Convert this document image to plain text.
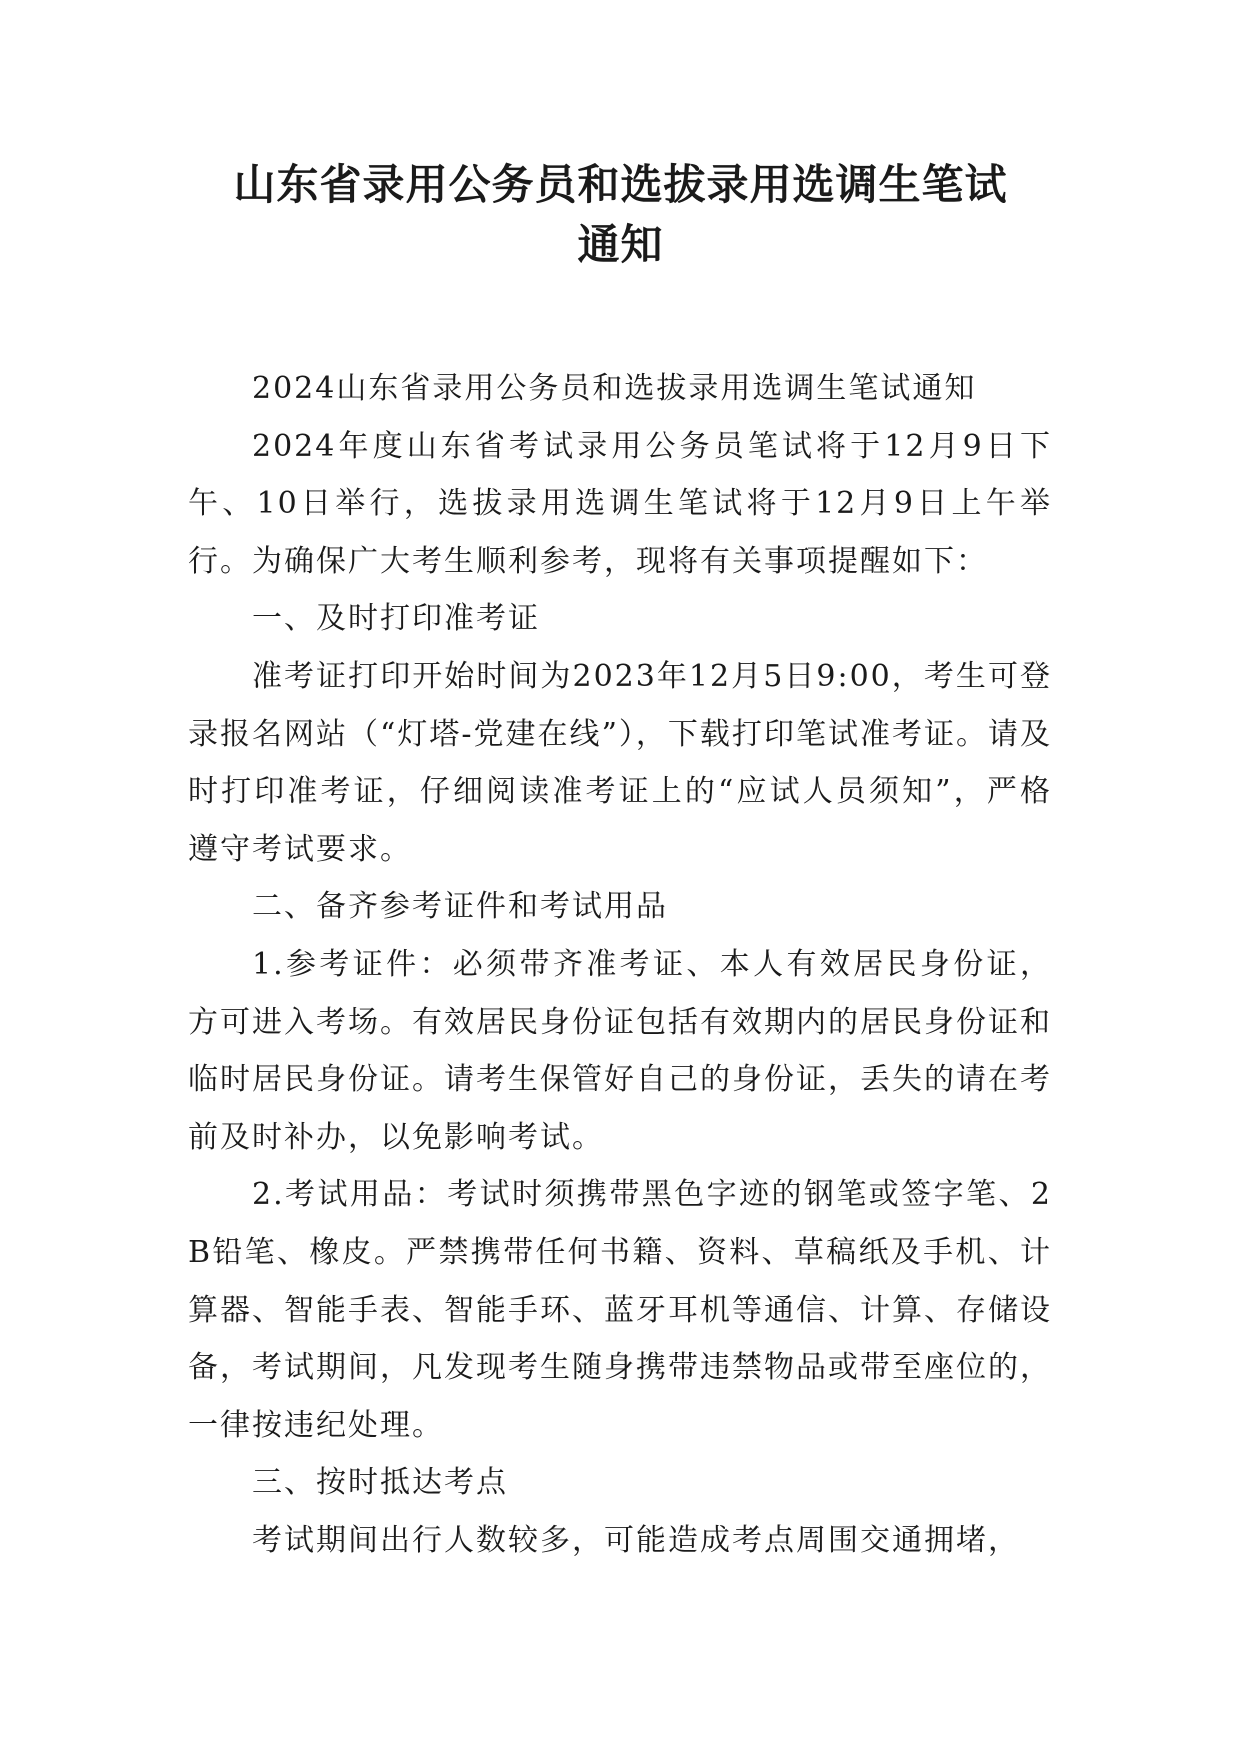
山东省录用公务员和选拔录用选调生笔试
通知

2024山东省录用公务员和选拔录用选调生笔试通知

2024年度山东省考试录用公务员笔试将于12月9日下午、10日举行，选拔录用选调生笔试将于12月9日上午举行。为确保广大考生顺利参考，现将有关事项提醒如下：

一、及时打印准考证

准考证打印开始时间为2023年12月5日9:00，考生可登录报名网站（“灯塔-党建在线”），下载打印笔试准考证。请及时打印准考证，仔细阅读准考证上的“应试人员须知”，严格遵守考试要求。

二、备齐参考证件和考试用品

1.参考证件：必须带齐准考证、本人有效居民身份证，方可进入考场。有效居民身份证包括有效期内的居民身份证和临时居民身份证。请考生保管好自己的身份证，丢失的请在考前及时补办，以免影响考试。

2.考试用品：考试时须携带黑色字迹的钢笔或签字笔、2B铅笔、橡皮。严禁携带任何书籍、资料、草稿纸及手机、计算器、智能手表、智能手环、蓝牙耳机等通信、计算、存储设备，考试期间，凡发现考生随身携带违禁物品或带至座位的，一律按违纪处理。

三、按时抵达考点

考试期间出行人数较多，可能造成考点周围交通拥堵，
